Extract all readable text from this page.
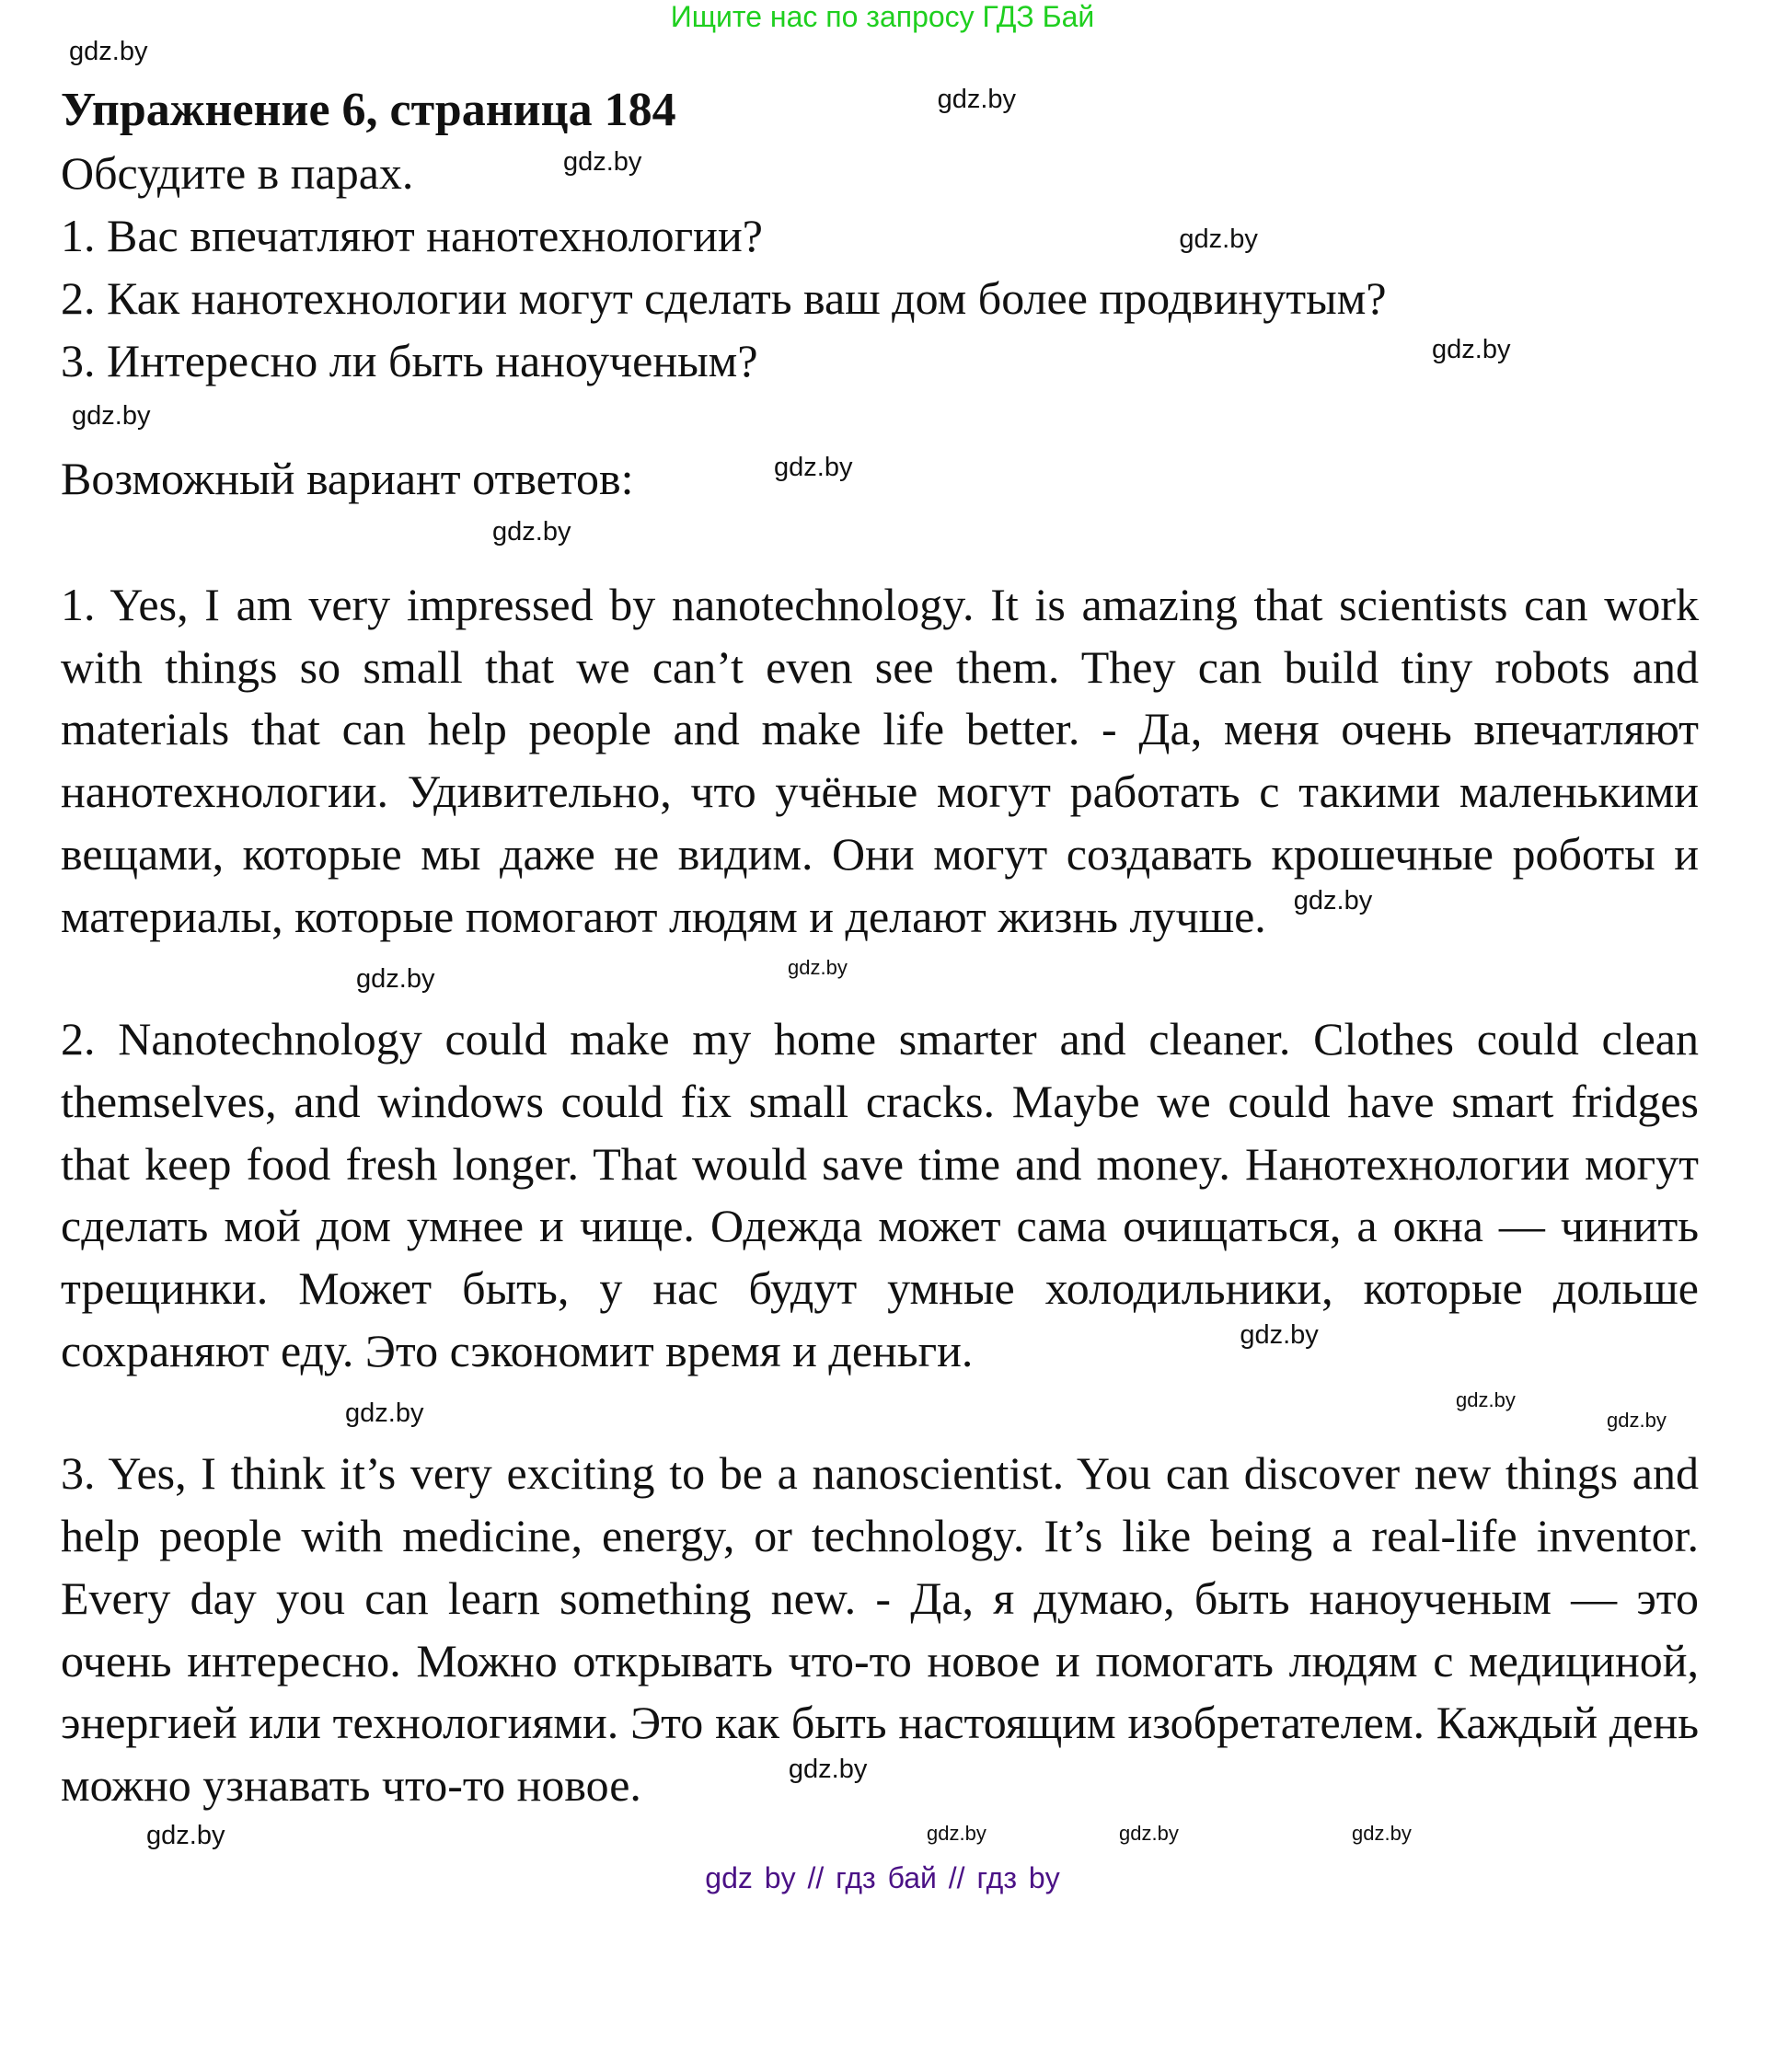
Ищите нас по запросу ГДЗ Бай
gdz.by
Упражнение 6, страница 184	gdz.by
Обсудите в парах.	gdz.by
1. Вас впечатляют нанотехнологии?	gdz.by
2. Как нанотехнологии могут сделать ваш дом более продвинутым?
3. Интересно ли быть наноученым?	gdz.by
gdz.by
Возможный вариант ответов:	gdz.by
gdz.by

1. Yes, I am very impressed by nanotechnology. It is amazing that scientists can work with things so small that we can’t even see them. They can build tiny robots and materials that can help people and make life better. - Да, меня очень впечатляют нанотехнологии. Удивительно, что учёные могут работать с такими маленькими вещами, которые мы даже не видим. Они могут создавать крошечные роботы и материалы, которые помогают людям и делают жизнь лучше. gdz.by

gdz.by	gdz.by

2. Nanotechnology could make my home smarter and cleaner. Clothes could clean themselves, and windows could fix small cracks. Maybe we could have smart fridges that keep food fresh longer. That would save time and money. Нанотехнологии могут сделать мой дом умнее и чище. Одежда может сама очищаться, а окна — чинить трещинки. Может быть, у нас будут умные холодильники, которые дольше сохраняют еду. Это сэкономит время и деньги.	gdz.by

gdz.by	gdz.by
gdz.by

3. Yes, I think it’s very exciting to be a nanoscientist. You can discover new things and help people with medicine, energy, or technology. It’s like being a real-life inventor. Every day you can learn something new. - Да, я думаю, быть наноученым — это очень интересно. Можно открывать что-то новое и помогать людям с медициной, энергией или технологиями. Это как быть настоящим изобретателем. Каждый день можно узнавать что-то новое.	gdz.by

gdz.by	gdz.by	gdz.by	gdz.by
gdz by // гдз бай // гдз by
